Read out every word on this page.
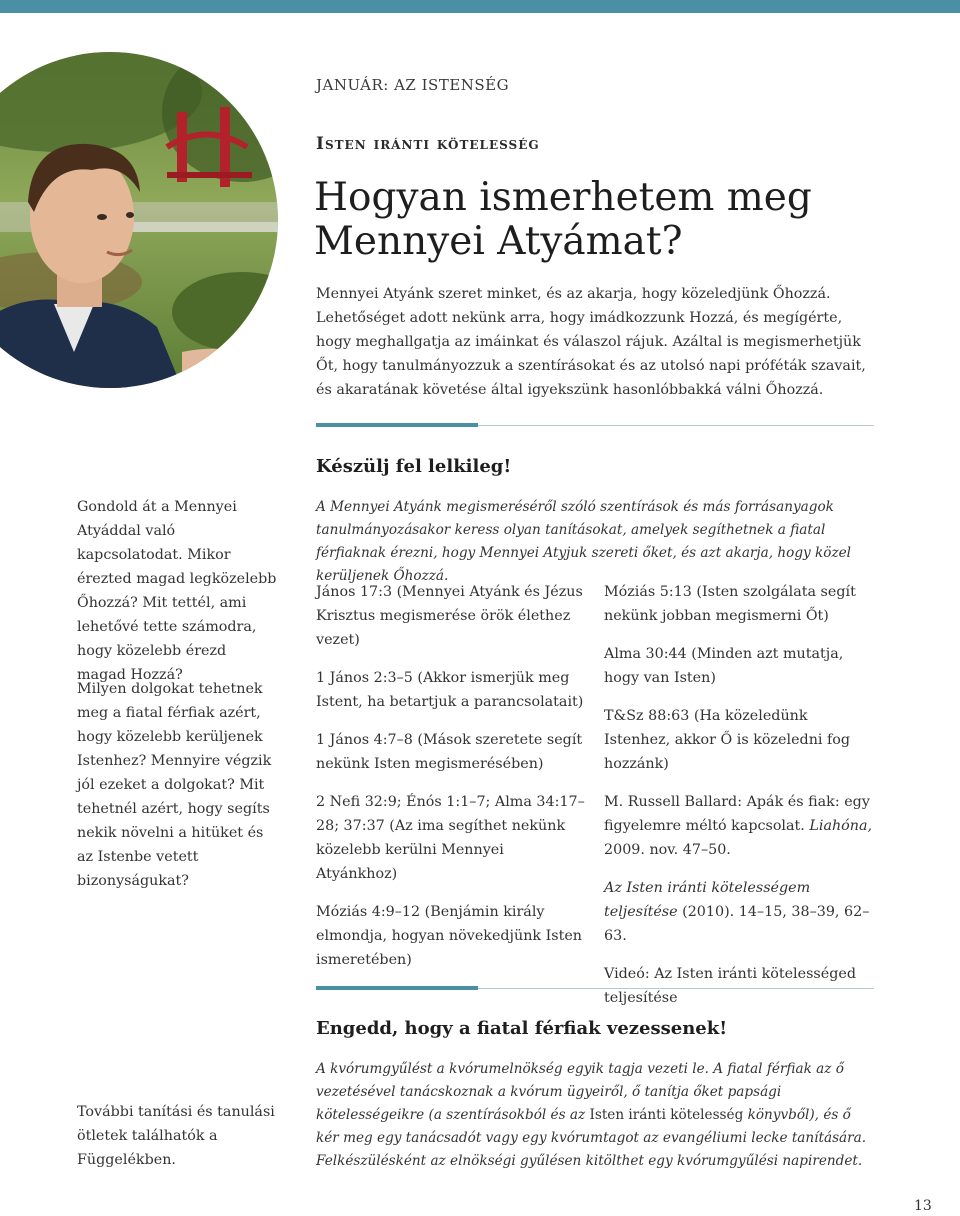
JANUÁR: AZ ISTENSÉG
Isten iránti kötelesség
Hogyan ismerhetem meg
Mennyei Atyámat?

Mennyei Atyánk szeret minket, és az akarja, hogy közeledjünk Őhozzá. Lehetőséget adott nekünk arra, hogy imádkozzunk Hozzá, és megígérte, hogy meghallgatja az imáinkat és válaszol rájuk. Azáltal is megismerhetjük Őt, hogy tanulmányozzuk a szentírásokat és az utolsó napi próféták szavait, és akaratának követése által igyekszünk hasonlóbbakká válni Őhozzá.

Készülj fel lelkileg!

Gondold át a Mennyei Atyáddal való kapcsolatodat. Mikor érezted magad legközelebb Őhozzá? Mit tettél, ami lehetővé tette számodra, hogy közelebb érezd magad Hozzá?

Milyen dolgokat tehetnek meg a fiatal férfiak azért, hogy közelebb kerüljenek Istenhez? Mennyire végzik jól ezeket a dolgokat? Mit tehetnél azért, hogy segíts nekik növelni a hitüket és az Istenbe vetett bizonyságukat?

A Mennyei Atyánk megismeréséről szóló szentírások és más forrásanyagok tanulmányozásakor keress olyan tanításokat, amelyek segíthetnek a fiatal férfiaknak érezni, hogy Mennyei Atyjuk szereti őket, és azt akarja, hogy közel kerüljenek Őhozzá.

János 17:3 (Mennyei Atyánk és Jézus Krisztus megismerése örök élethez vezet)

1 János 2:3–5 (Akkor ismerjük meg Istent, ha betartjuk a parancsolatait)

1 János 4:7–8 (Mások szeretete segít nekünk Isten megismerésében)

2 Nefi 32:9; Énós 1:1–7; Alma 34:17–28; 37:37 (Az ima segíthet nekünk közelebb kerülni Mennyei Atyánkhoz)

Móziás 4:9–12 (Benjámin király elmondja, hogyan növekedjünk Isten ismeretében)

Móziás 5:13 (Isten szolgálata segít nekünk jobban megismerni Őt)

Alma 30:44 (Minden azt mutatja, hogy van Isten)

T&Sz 88:63 (Ha közeledünk Istenhez, akkor Ő is közeledni fog hozzánk)

M. Russell Ballard: Apák és fiak: egy figyelemre méltó kapcsolat. Liahóna, 2009. nov. 47–50.

Az Isten iránti kötelességem teljesítése (2010). 14–15, 38–39, 62–63.

Videó: Az Isten iránti kötelességed teljesítése

Engedd, hogy a fiatal férfiak vezessenek!

A kvórumgyűlést a kvórumelnökség egyik tagja vezeti le. A fiatal férfiak az ő vezetésével tanácskoznak a kvórum ügyeiről, ő tanítja őket papsági kötelességeikre (a szentírásokból és az Isten iránti kötelesség könyvből), és ő kér meg egy tanácsadót vagy egy kvórumtagot az evangéliumi lecke tanítására. Felkészülésként az elnökségi gyűlésen kitölthet egy kvórumgyűlési napirendet.

További tanítási és tanulási ötletek találhatók a Függelékben.

13
